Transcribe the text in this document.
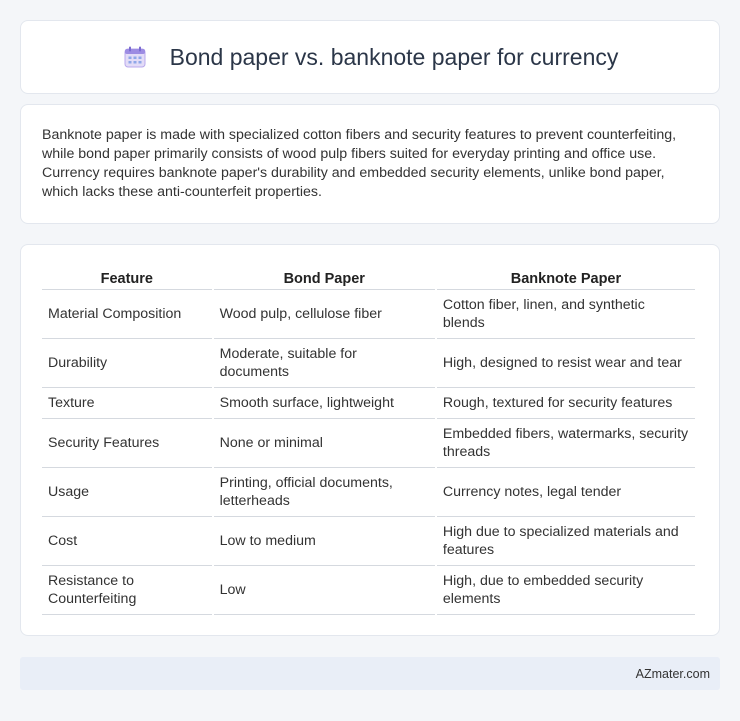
Bond paper vs. banknote paper for currency

Banknote paper is made with specialized cotton fibers and security features to prevent counterfeiting, while bond paper primarily consists of wood pulp fibers suited for everyday printing and office use. Currency requires banknote paper's durability and embedded security elements, unlike bond paper, which lacks these anti-counterfeit properties.

Feature	Bond Paper	Banknote Paper
Material Composition	Wood pulp, cellulose fiber	Cotton fiber, linen, and synthetic blends
Durability	Moderate, suitable for documents	High, designed to resist wear and tear
Texture	Smooth surface, lightweight	Rough, textured for security features
Security Features	None or minimal	Embedded fibers, watermarks, security threads
Usage	Printing, official documents, letterheads	Currency notes, legal tender
Cost	Low to medium	High due to specialized materials and features
Resistance to Counterfeiting	Low	High, due to embedded security elements
AZmater.com
